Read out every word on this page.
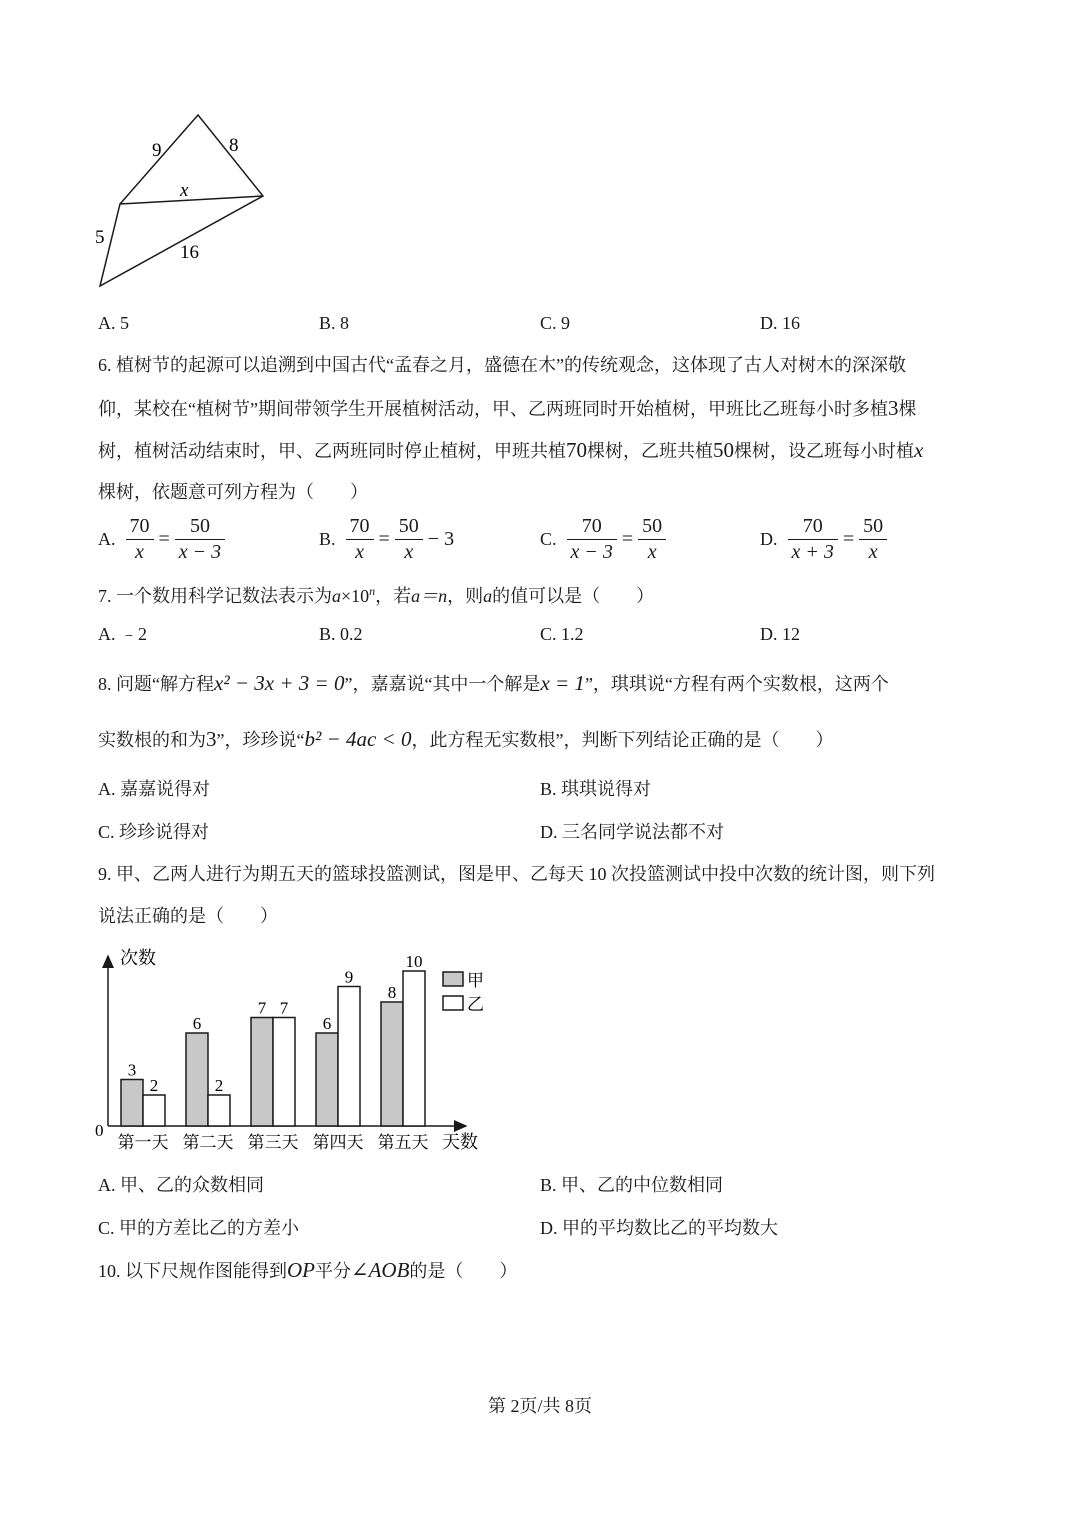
9	8
x
5
16
A. 5	B. 8	C. 9	D. 16
6. 植树节的起源可以追溯到中国古代“孟春之月，盛德在木”的传统观念，这体现了古人对树木的深深敬
仰，某校在“植树节”期间带领学生开展植树活动，甲、乙两班同时开始植树，甲班比乙班每小时多植3棵
树，植树活动结束时，甲、乙两班同时停止植树，甲班共植70棵树，乙班共植50棵树，设乙班每小时植x
棵树，依题意可列方程为（　　）
A. $\frac{70}{x} = \frac{50}{x - 3}$	B. $\frac{70}{x} = \frac{50}{x} - 3$	C. $\frac{70}{x - 3} = \frac{50}{x}$	D. $\frac{70}{x + 3} = \frac{50}{x}$
7. 一个数用科学记数法表示为$a\times 10^n$，若a＝n，则a的值可以是（　　）
A. ﹣2	B. 0.2	C. 1.2	D. 12
8. 问题“解方程x² − 3x + 3 = 0”，嘉嘉说“其中一个解是x = 1”，琪琪说“方程有两个实数根，这两个
实数根的和为3”，珍珍说“b² − 4ac < 0，此方程无实数根”，判断下列结论正确的是（　　）
A. 嘉嘉说得对	B. 琪琪说得对
C. 珍珍说得对	D. 三名同学说法都不对
9. 甲、乙两人进行为期五天的篮球投篮测试，图是甲、乙每天 10 次投篮测试中投中次数的统计图，则下列
说法正确的是（　　）
次数
天数
0
3
2
第一天
6
2
第二天
7 7
第三天
6
9
第四天
8
10
第五天
甲
乙
A. 甲、乙的众数相同	B. 甲、乙的中位数相同
C. 甲的方差比乙的方差小	D. 甲的平均数比乙的平均数大
10. 以下尺规作图能得到OP平分∠AOB的是（　　）
第 2页/共 8页
